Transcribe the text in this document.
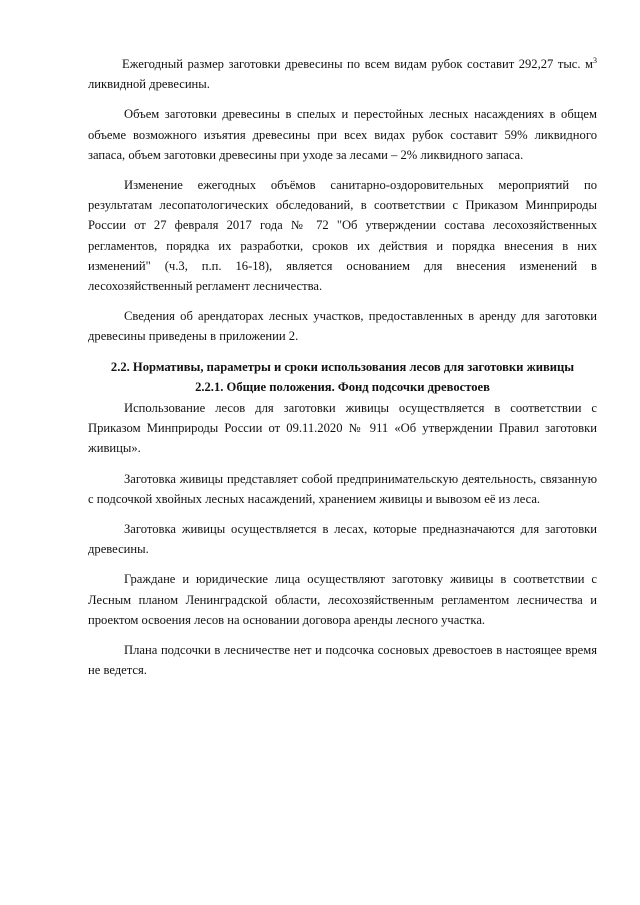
Ежегодный размер заготовки древесины по всем видам рубок составит 292,27 тыс. $м^3$ ликвидной древесины.

Объем заготовки древесины в спелых и перестойных лесных насаждениях в общем объеме возможного изъятия древесины при всех видах рубок составит 59% ликвидного запаса, объем заготовки древесины при уходе за лесами – 2% ликвидного запаса.

Изменение ежегодных объёмов санитарно-оздоровительных мероприятий по результатам лесопатологических обследований, в соответствии с Приказом Минприроды России от 27 февраля 2017 года № 72 "Об утверждении состава лесохозяйственных регламентов, порядка их разработки, сроков их действия и порядка внесения в них изменений" (ч.3, п.п. 16-18), является основанием для внесения изменений в лесохозяйственный регламент лесничества.

Сведения об арендаторах лесных участков, предоставленных в аренду для заготовки древесины приведены в приложении 2.

2.2. Нормативы, параметры и сроки использования лесов для заготовки живицы
2.2.1. Общие положения. Фонд подсочки древостоев

Использование лесов для заготовки живицы осуществляется в соответствии с Приказом Минприроды России от 09.11.2020 № 911 «Об утверждении Правил заготовки живицы».

Заготовка живицы представляет собой предпринимательскую деятельность, связанную с подсочкой хвойных лесных насаждений, хранением живицы и вывозом её из леса.

Заготовка живицы осуществляется в лесах, которые предназначаются для заготовки древесины.

Граждане и юридические лица осуществляют заготовку живицы в соответствии с Лесным планом Ленинградской области, лесохозяйственным регламентом лесничества и проектом освоения лесов на основании договора аренды лесного участка.

Плана подсочки в лесничестве нет и подсочка сосновых древостоев в настоящее время не ведется.
